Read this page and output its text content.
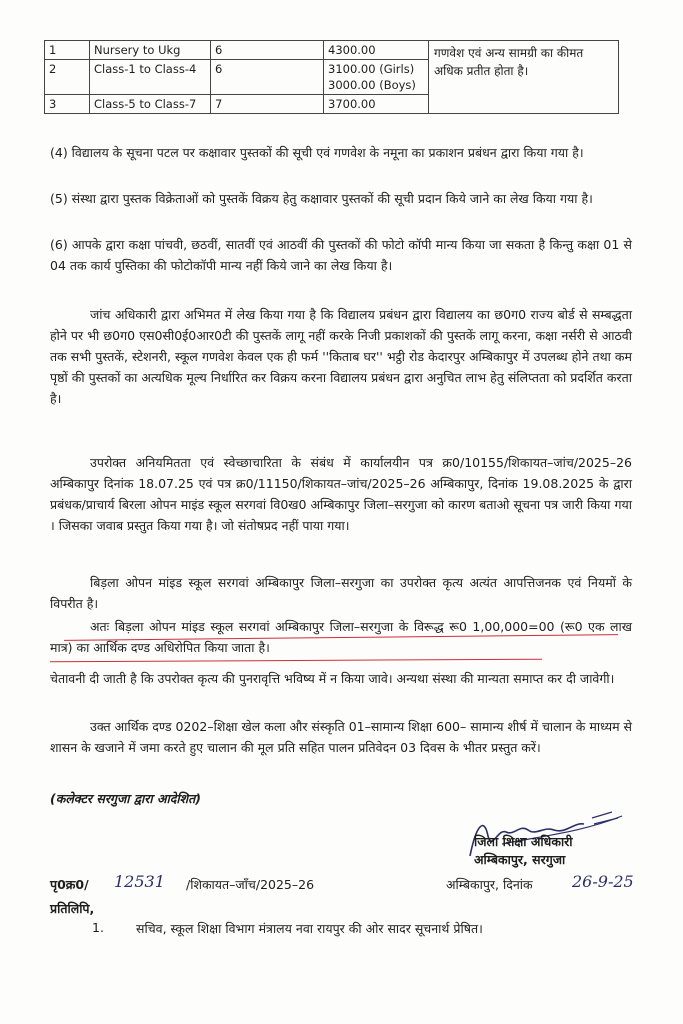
1	Nursery to Ukg	6	4300.00	गणवेश एवं अन्य सामग्री का कीमत अधिक प्रतीत होता है।
2	Class-1 to Class-4	6	3100.00 (Girls)
3000.00 (Boys)	

3	Class-5 to Class-7	7	3700.00	

(4) विद्यालय के सूचना पटल पर कक्षावार पुस्तकों की सूची एवं गणवेश के नमूना का प्रकाशन प्रबंधन द्वारा किया गया है।

(5) संस्था द्वारा पुस्तक विक्रेताओं को पुस्तकें विक्रय हेतु कक्षावार पुस्तकों की सूची प्रदान किये जाने का लेख किया गया है।

(6) आपके द्वारा कक्षा पांचवी, छठवीं, सातवीं एवं आठवीं की पुस्तकों की फोटो कॉपी मान्य किया जा सकता है किन्तु कक्षा 01 से 04 तक कार्य पुस्तिका की फोटोकॉपी मान्य नहीं किये जाने का लेख किया है।

जांच अधिकारी द्वारा अभिमत में लेख किया गया है कि विद्यालय प्रबंधन द्वारा विद्यालय का छ0ग0 राज्य बोर्ड से सम्बद्धता होने पर भी छ0ग0 एस0सी0ई0आर0टी की पुस्तकें लागू नहीं करके निजी प्रकाशकों की पुस्तकें लागू करना, कक्षा नर्सरी से आठवी तक सभी पुस्तकें, स्टेशनरी, स्कूल गणवेश केवल एक ही फर्म ''किताब घर'' भट्ठी रोड केदारपुर अम्बिकापुर में उपलब्ध होने तथा कम पृष्ठों की पुस्तकों का अत्यधिक मूल्य निर्धारित कर विक्रय करना विद्यालय प्रबंधन द्वारा अनुचित लाभ हेतु संलिप्तता को प्रदर्शित करता है।

उपरोक्त अनियमितता एवं स्वेच्छाचारिता के संबंध में कार्यालयीन पत्र क्र0/10155/शिकायत–जांच/2025–26 अम्बिकापुर दिनांक 18.07.25 एवं पत्र क्र0/11150/शिकायत–जांच/2025–26 अम्बिकापुर, दिनांक 19.08.2025 के द्वारा प्रबंधक/प्राचार्य बिरला ओपन माइंड स्कूल सरगवां वि0ख0 अम्बिकापुर जिला–सरगुजा को कारण बताओ सूचना पत्र जारी किया गया । जिसका जवाब प्रस्तुत किया गया है। जो संतोषप्रद नहीं पाया गया।

बिड़ला ओपन मांइड स्कूल सरगवां अम्बिकापुर जिला–सरगुजा का उपरोक्त कृत्य अत्यंत आपत्तिजनक एवं नियमों के विपरीत है।

अतः बिड़ला ओपन मांइड स्कूल सरगवां अम्बिकापुर जिला–सरगुजा के विरूद्ध रू0 1,00,000=00 (रू0 एक लाख मात्र) का आर्थिक दण्ड अधिरोपित किया जाता है।

चेतावनी दी जाती है कि उपरोक्त कृत्य की पुनरावृत्ति भविष्य में न किया जावे। अन्यथा संस्था की मान्यता समाप्त कर दी जावेगी।

उक्त आर्थिक दण्ड 0202–शिक्षा खेल कला और संस्कृति 01–सामान्य शिक्षा 600– सामान्य शीर्ष में चालान के माध्यम से शासन के खजाने में जमा करते हुए चालान की मूल प्रति सहित पालन प्रतिवेदन 03 दिवस के भीतर प्रस्तुत करें।

(कलेक्टर सरगुजा द्वारा आदेशित)
जिला शिक्षा अधिकारी
अम्बिकापुर, सरगुजा
पृ0क्र0/ 12531 /शिकायत–जाँच/2025–26	अम्बिकापुर, दिनांक 26-9-25
प्रतिलिपि,
1.	सचिव, स्कूल शिक्षा विभाग मंत्रालय नवा रायपुर की ओर सादर सूचनार्थ प्रेषित।
